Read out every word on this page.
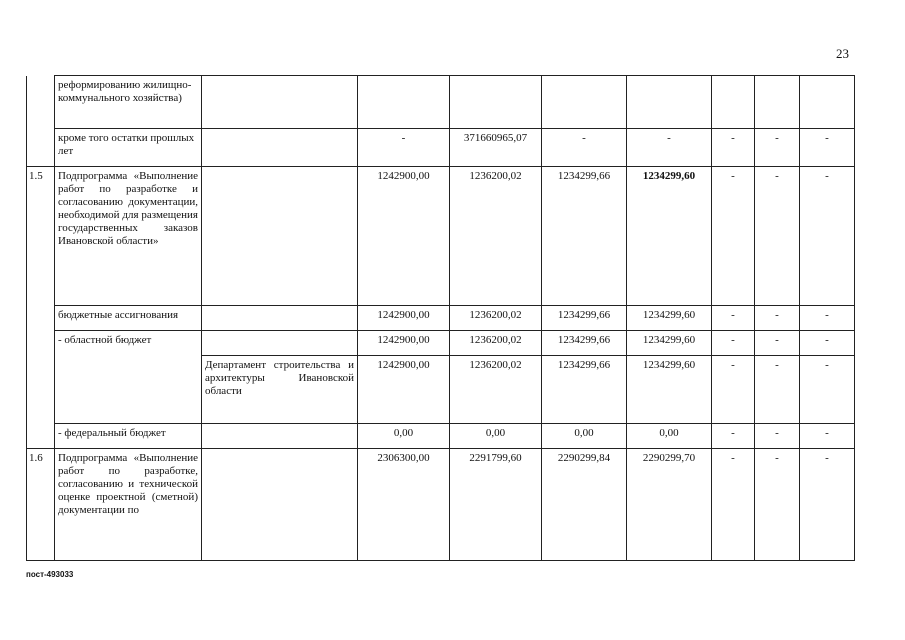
23
	реформированию жилищно-коммунального хозяйства)								
	кроме того остатки прошлых лет		-	371660965,07	-	-	-	-	-
1.5	Подпрограмма «Выполнение работ по разработке и согласованию документации, необходимой для размещения государственных заказов Ивановской области»		1242900,00	1236200,02	1234299,66	1234299,60	-	-	-
	бюджетные ассигнования		1242900,00	1236200,02	1234299,66	1234299,60	-	-	-
	- областной бюджет		1242900,00	1236200,02	1234299,66	1234299,60	-	-	-
		Департамент строительства и архитектуры Ивановской области	1242900,00	1236200,02	1234299,66	1234299,60	-	-	-
	- федеральный бюджет		0,00	0,00	0,00	0,00	-	-	-
1.6	Подпрограмма «Выполнение работ по разработке, согласованию и технической оценке проектной (сметной) документации по		2306300,00	2291799,60	2290299,84	2290299,70	-	-	-
пост-493033
